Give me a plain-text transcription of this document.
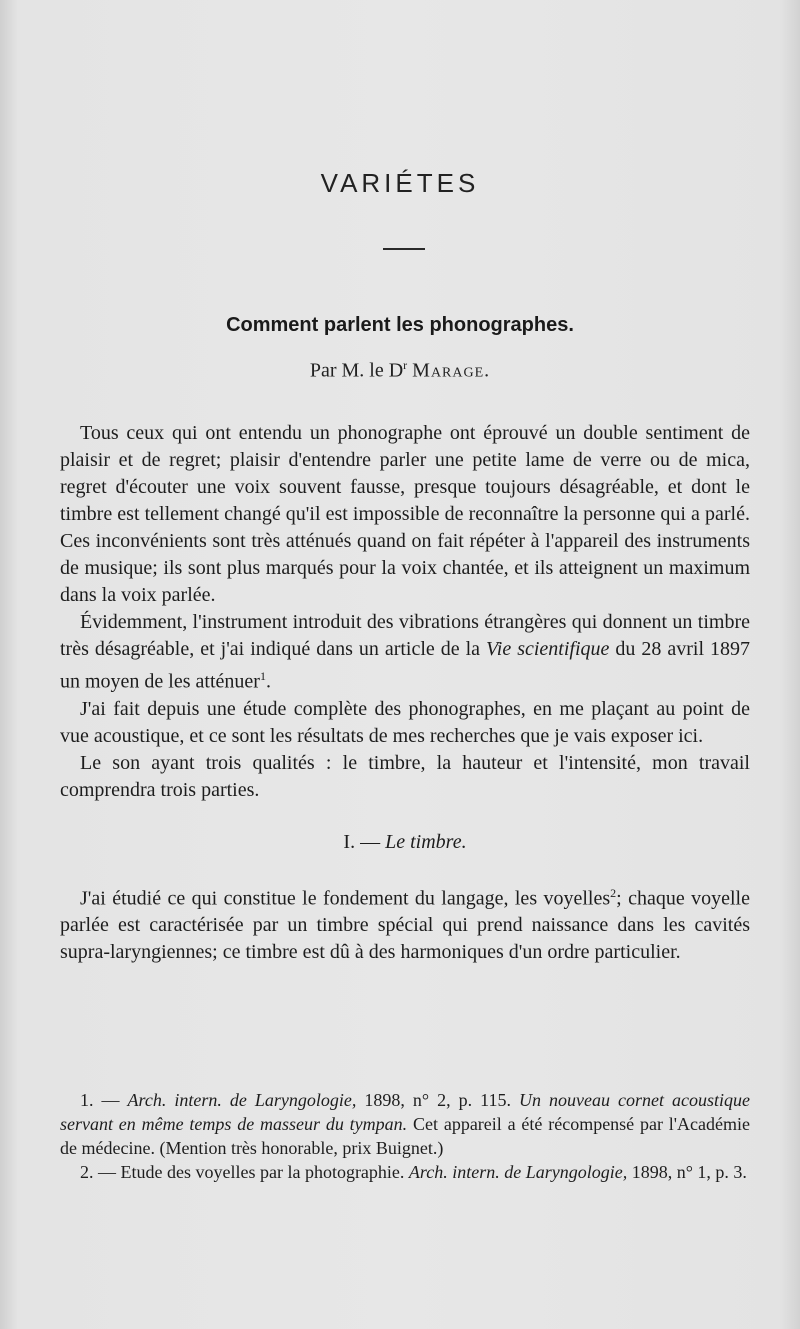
VARIÉTES
Comment parlent les phonographes.
Par M. le $D^r$ Marage.

Tous ceux qui ont entendu un phonographe ont éprouvé un double sentiment de plaisir et de regret; plaisir d'entendre parler une petite lame de verre ou de mica, regret d'écouter une voix souvent fausse, presque toujours désagréable, et dont le timbre est tellement changé qu'il est impossible de reconnaître la personne qui a parlé. Ces inconvénients sont très atténués quand on fait répéter à l'appareil des instruments de musique; ils sont plus marqués pour la voix chantée, et ils atteignent un maximum dans la voix parlée.

Évidemment, l'instrument introduit des vibrations étrangères qui donnent un timbre très désagréable, et j'ai indiqué dans un article de la Vie scientifique du 28 avril 1897 un moyen de les atténuer$^1$.

J'ai fait depuis une étude complète des phonographes, en me plaçant au point de vue acoustique, et ce sont les résultats de mes recherches que je vais exposer ici.

Le son ayant trois qualités : le timbre, la hauteur et l'intensité, mon travail comprendra trois parties.

I. — Le timbre.

J'ai étudié ce qui constitue le fondement du langage, les voyelles$^2$; chaque voyelle parlée est caractérisée par un timbre spécial qui prend naissance dans les cavités supra-laryngiennes; ce timbre est dû à des harmoniques d'un ordre particulier.

1. — Arch. intern. de Laryngologie, 1898, n° 2, p. 115. Un nouveau cornet acoustique servant en même temps de masseur du tympan. Cet appareil a été récompensé par l'Académie de médecine. (Mention très honorable, prix Buignet.)

2. — Etude des voyelles par la photographie. Arch. intern. de Laryngologie, 1898, n° 1, p. 3.
